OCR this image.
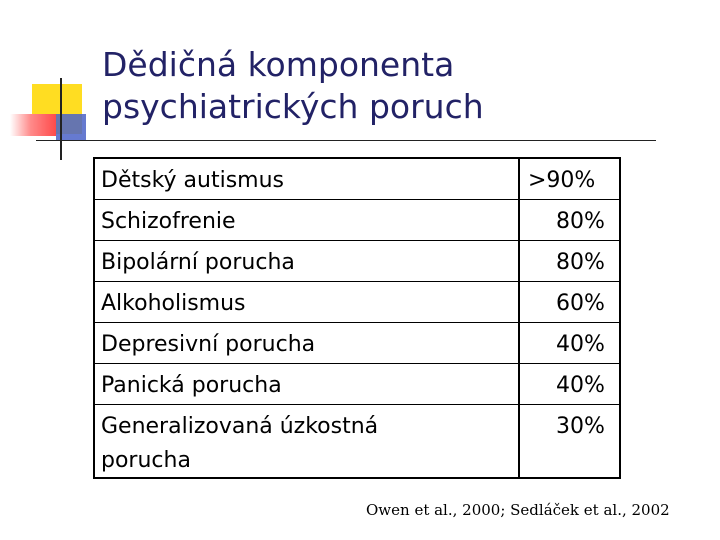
Dědičná komponenta
psychiatrických poruch
Dětský autismus	>90%
Schizofrenie	80%
Bipolární porucha	80%
Alkoholismus	60%
Depresivní porucha	40%
Panická porucha	40%
Generalizovaná úzkostná	30%
porucha
Owen et al., 2000; Sedláček et al., 2002
